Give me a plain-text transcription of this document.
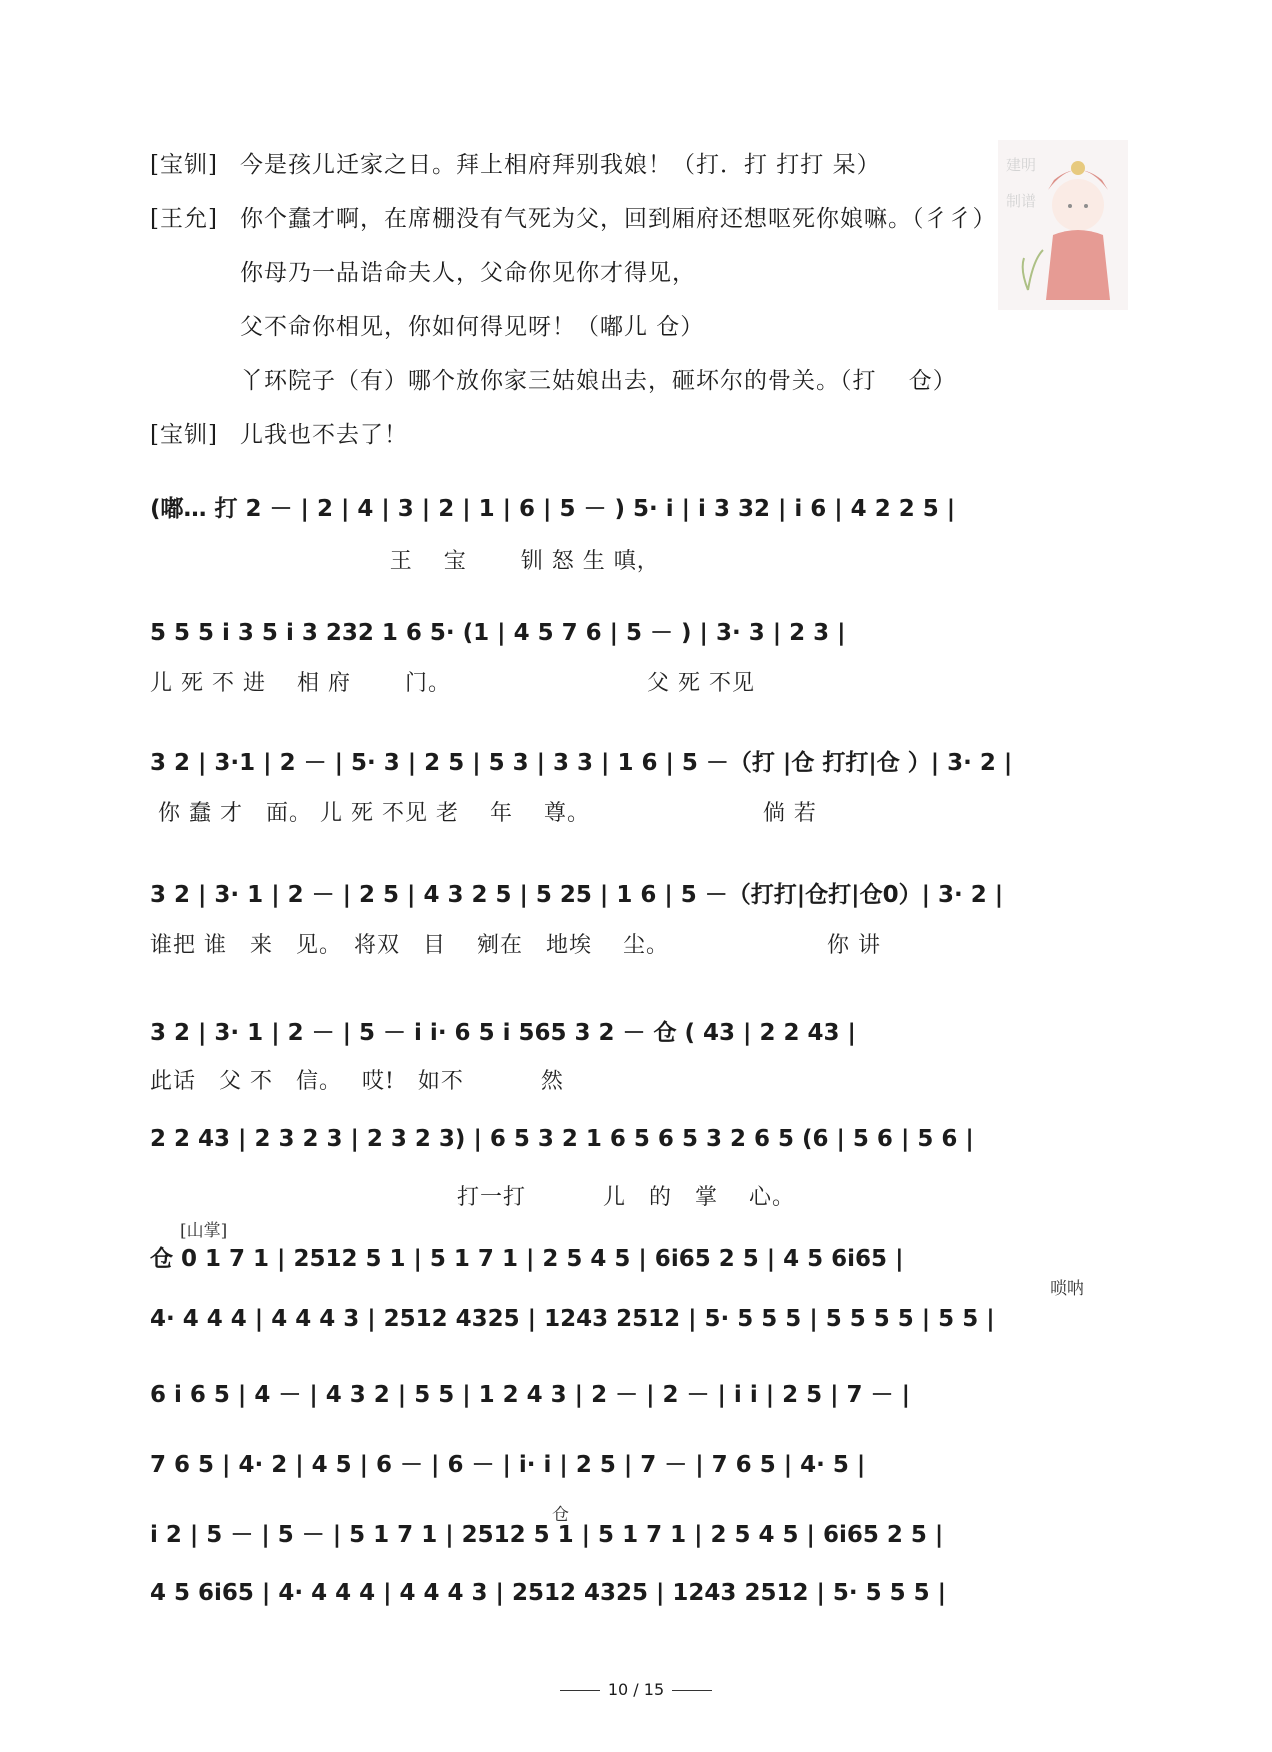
[宝钏] 今是孩儿迁家之日。拜上相府拜别我娘！（打．打 打打 呆）
[王允] 你个蠢才啊，在席棚没有气死为父，回到厢府还想呕死你娘嘛。（彳彳）
你母乃一品诰命夫人，父命你见你才得见，
父不命你相见，你如何得见呀！（嘟儿 仓）
丫环院子（有）哪个放你家三姑娘出去，砸坏尔的骨关。（打　 仓）
[宝钏] 儿我也不去了！
建明
制谱
(嘟… 打 2 － | 2 | 4 | 3 | 2 | 1 | 6 | 5 － ) 5· i | i 3 32 | i 6 | 4 2 2 5 |
王　 宝　　 钏 怒 生 嗔，
5 5 5 i 3 5 i 3 232 1 6 5· (1 | 4 5 7 6 | 5 － ) | 3· 3 | 2 3 |
儿 死 不 进　 相 府　　 门。　　　　　　　　　父 死 不见
3 2 | 3·1 | 2 － | 5· 3 | 2 5 | 5 3 | 3 3 | 1 6 | 5 －（打 |仓 打打|仓 ）| 3· 2 |
你 蠢 才　面。 儿 死 不见 老　 年　 尊。　　　　　　　　倘 若
3 2 | 3· 1 | 2 － | 2 5 | 4 3 2 5 | 5 25 | 1 6 | 5 －（打打|仓打|仓0）| 3· 2 |
谁把 谁　来　见。　将双　目　 剜在　地埃　 尘。　　　　　　　 你 讲
3 2 | 3· 1 | 2 － | 5 － i i· 6 5 i 565 3 2 － 仓 ( 43 | 2 2 43 |
此话　父 不　信。　 哎!　如不　　　 然
2 2 43 | 2 3 2 3 | 2 3 2 3) | 6 5 3 2 1 6 5 6 5 3 2 6 5 (6 | 5 6 | 5 6 |
　　　　　　　　　　　　　 打一打　　　 儿　的　掌　 心。
[山掌]
仓 0 1 7 1 | 2512 5 1 | 5 1 7 1 | 2 5 4 5 | 6i65 2 5 | 4 5 6i65 |
唢呐
4· 4 4 4 | 4 4 4 3 | 2512 4325 | 1243 2512 | 5· 5 5 5 | 5 5 5 5 | 5 5 |
6 i 6 5 | 4 － | 4 3 2 | 5 5 | 1 2 4 3 | 2 － | 2 － | i i | 2 5 | 7 － |
7 6 5 | 4· 2 | 4 5 | 6 － | 6 － | i· i | 2 5 | 7 － | 7 6 5 | 4· 5 |
仓
i 2 | 5 － | 5 － | 5 1 7 1 | 2512 5 1 | 5 1 7 1 | 2 5 4 5 | 6i65 2 5 |
4 5 6i65 | 4· 4 4 4 | 4 4 4 3 | 2512 4325 | 1243 2512 | 5· 5 5 5 |
10 / 15
